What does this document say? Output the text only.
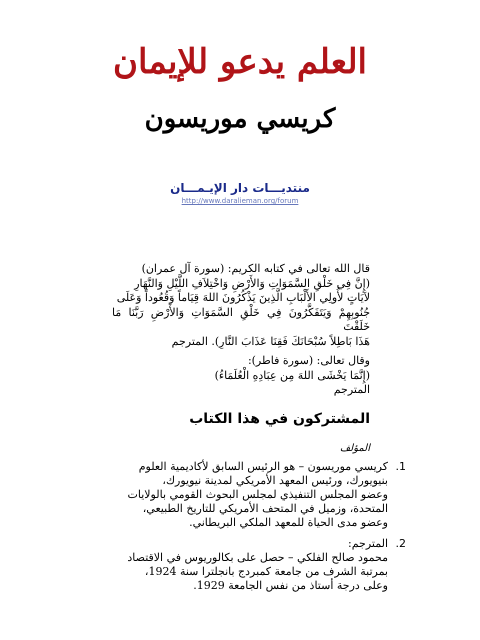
العلم يدعو للإيمان
كريسي موريسون
منتديـــات دار الإيـمـــان
http://www.daralieman.org/forum

قال الله تعالى في كتابه الكريم: (سورة آل عمران)

(إِنَّ فِي خَلْقِ السَّمَوَاتِ وَالأَرْضِ وَاخْتِلاَفِ اللَّيْلِ وَالنَّهَارِ

لآيَاتٍ لأُولِي الأَلْبَابِ الَّذِينَ يَذْكُرُونَ اللهَ قِيَاماً وَقُعُوداً وَعَلَى

جُنُوبِهِمْ وَيَتَفَكَّرُونَ فِي خَلْقِ السَّمَوَاتِ وَالأَرْضِ رَبَّنَا مَا خَلَقْتَ

هَذَا بَاطِلاً سُبْحَانَكَ فَقِنَا عَذَابَ النَّارِ). المترجم

وقال تعالى: (سورة فاطر):

(إِنَّمَا يَخْشَى اللهَ مِن عِبَادِهِ الْعُلَمَاءُ)

المترجم

المشتركون في هذا الكتاب
المؤلف
1.

كريسي موريسون – هو الرئيس السابق لأكاديمية العلوم

بنيويورك، ورئيس المعهد الأمريكي لمدينة نيويورك،

وعضو المجلس التنفيذي لمجلس البحوث القومي بالولايات

المتحدة، وزميل في المتحف الأمريكي للتاريخ الطبيعي،

وعضو مدى الحياة للمعهد الملكي البريطاني.

2.

المترجم:

محمود صالح الفلكي – حصل على بكالوريوس في الاقتصاد

بمرتبة الشرف من جامعة كمبردج بانجلترا سنة 1924،

وعلى درجة أستاذ من نفس الجامعة 1929.
